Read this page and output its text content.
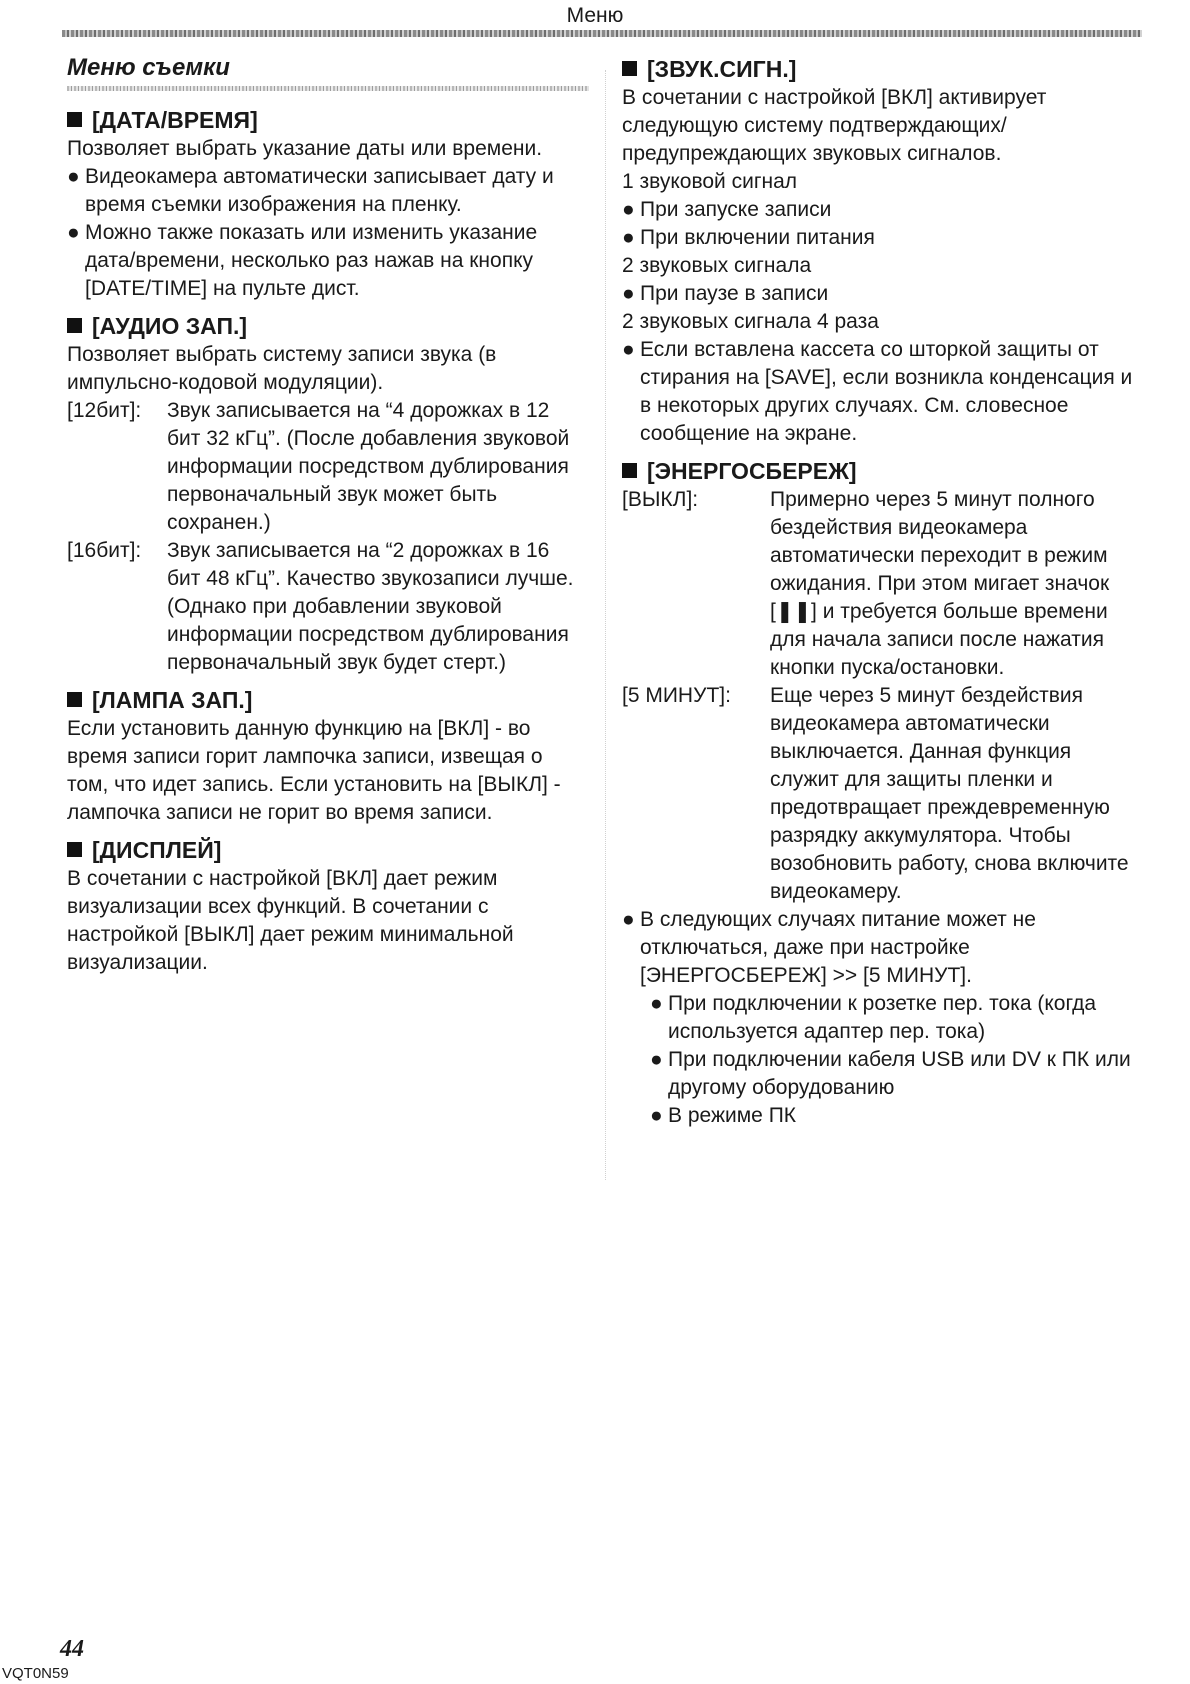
Меню
Меню съемки

[ДАТА/ВРЕМЯ]

Позволяет выбрать указание даты или времени.

● Видеокамера автоматически записывает дату и время съемки изображения на пленку.

● Можно также показать или изменить указание дата/времени, несколько раз нажав на кнопку [DATE/TIME] на пульте дист.

[АУДИО ЗАП.]

Позволяет выбрать систему записи звука (в импульсно-кодовой модуляции).

[12бит]:	Звук записывается на “4 дорожках в 12 бит 32 кГц”. (После добавления звуковой информации посредством дублирования первоначальный звук может быть сохранен.)
[16бит]:	Звук записывается на “2 дорожках в 16 бит 48 кГц”. Качество звукозаписи лучше. (Однако при добавлении звуковой информации посредством дублирования первоначальный звук будет стерт.)

[ЛАМПА ЗАП.]

Если установить данную функцию на [ВКЛ] - во время записи горит лампочка записи, извещая о том, что идет запись. Если установить на [ВЫКЛ] - лампочка записи не горит во время записи.

[ДИСПЛЕЙ]

В сочетании с настройкой [ВКЛ] дает режим визуализации всех функций. В сочетании с настройкой [ВЫКЛ] дает режим минимальной визуализации.

[ЗВУК.СИГН.]

В сочетании с настройкой [ВКЛ] активирует следующую систему подтверждающих/ предупреждающих звуковых сигналов.

1 звуковой сигнал

● При запуске записи

● При включении питания

2 звуковых сигнала

● При паузе в записи

2 звуковых сигнала 4 раза

● Если вставлена кассета со шторкой защиты от стирания на [SAVE], если возникла конденсация и в некоторых других случаях. См. словесное сообщение на экране.

[ЭНЕРГОСБЕРЕЖ]

[ВЫКЛ]:	Примерно через 5 минут полного бездействия видеокамера автоматически переходит в режим ожидания. При этом мигает значок [❚❚] и требуется больше времени для начала записи после нажатия кнопки пуска/остановки.
[5 МИНУТ]:	Еще через 5 минут бездействия видеокамера автоматически выключается. Данная функция служит для защиты пленки и предотвращает преждевременную разрядку аккумулятора. Чтобы возобновить работу, снова включите видеокамеру.

● В следующих случаях питание может не отключаться, даже при настройке [ЭНЕРГОСБЕРЕЖ] >> [5 МИНУТ].

● При подключении к розетке пер. тока (когда используется адаптер пер. тока)

● При подключении кабеля USB или DV к ПК или другому оборудованию

● В режиме ПК

44
VQT0N59
